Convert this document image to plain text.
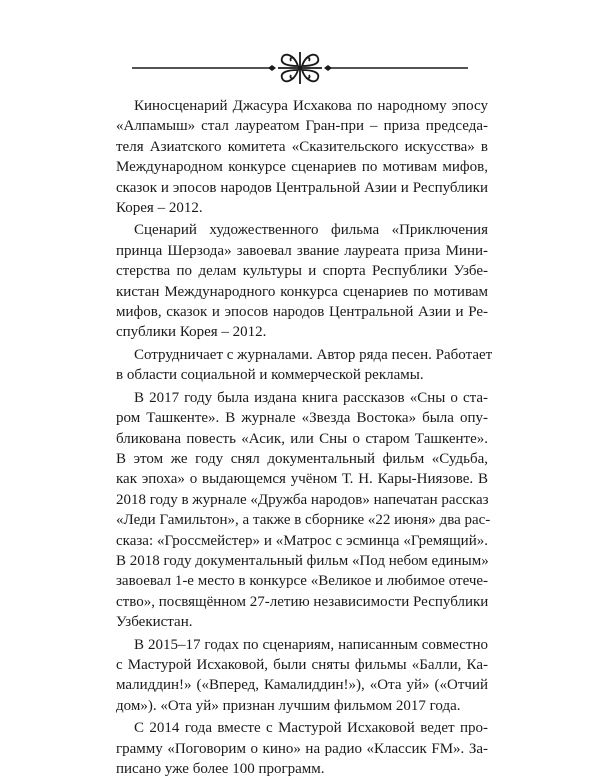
Киносценарий Джасура Исхакова по народному эпосу
«Алпамыш» стал лауреатом Гран-при – приза председа-
теля Азиатского комитета «Сказительского искусства» в
Международном конкурсе сценариев по мотивам мифов,
сказок и эпосов народов Центральной Азии и Республики
Корея – 2012.

Сценарий художественного фильма «Приключения
принца Шерзода» завоевал звание лауреата приза Мини-
стерства по делам культуры и спорта Республики Узбе-
кистан Международного конкурса сценариев по мотивам
мифов, сказок и эпосов народов Центральной Азии и Ре-
спублики Корея – 2012.

Сотрудничает с журналами. Автор ряда песен. Работает
в области социальной и коммерческой рекламы.

В 2017 году была издана книга рассказов «Сны о ста-
ром Ташкенте». В журнале «Звезда Востока» была опу-
бликована повесть «Асик, или Сны о старом Ташкенте».
В этом же году снял документальный фильм «Судьба,
как эпоха» о выдающемся учёном Т. Н. Кары-Ниязове. В
2018 году в журнале «Дружба народов» напечатан рассказ
«Леди Гамильтон», а также в сборнике «22 июня» два рас-
сказа: «Гроссмейстер» и «Матрос с эсминца «Гремящий».
В 2018 году документальный фильм «Под небом единым»
завоевал 1-е место в конкурсе «Великое и любимое отече-
ство», посвящённом 27-летию независимости Республики
Узбекистан.

В 2015–17 годах по сценариям, написанным совместно
с Мастурой Исхаковой, были сняты фильмы «Балли, Ка-
малиддин!» («Вперед, Камалиддин!»), «Ота уй» («Отчий
дом»). «Ота уй» признан лучшим фильмом 2017 года.

С 2014 года вместе с Мастурой Исхаковой ведет про-
грамму «Поговорим о кино» на радио «Классик FM». За-
писано уже более 100 программ.
